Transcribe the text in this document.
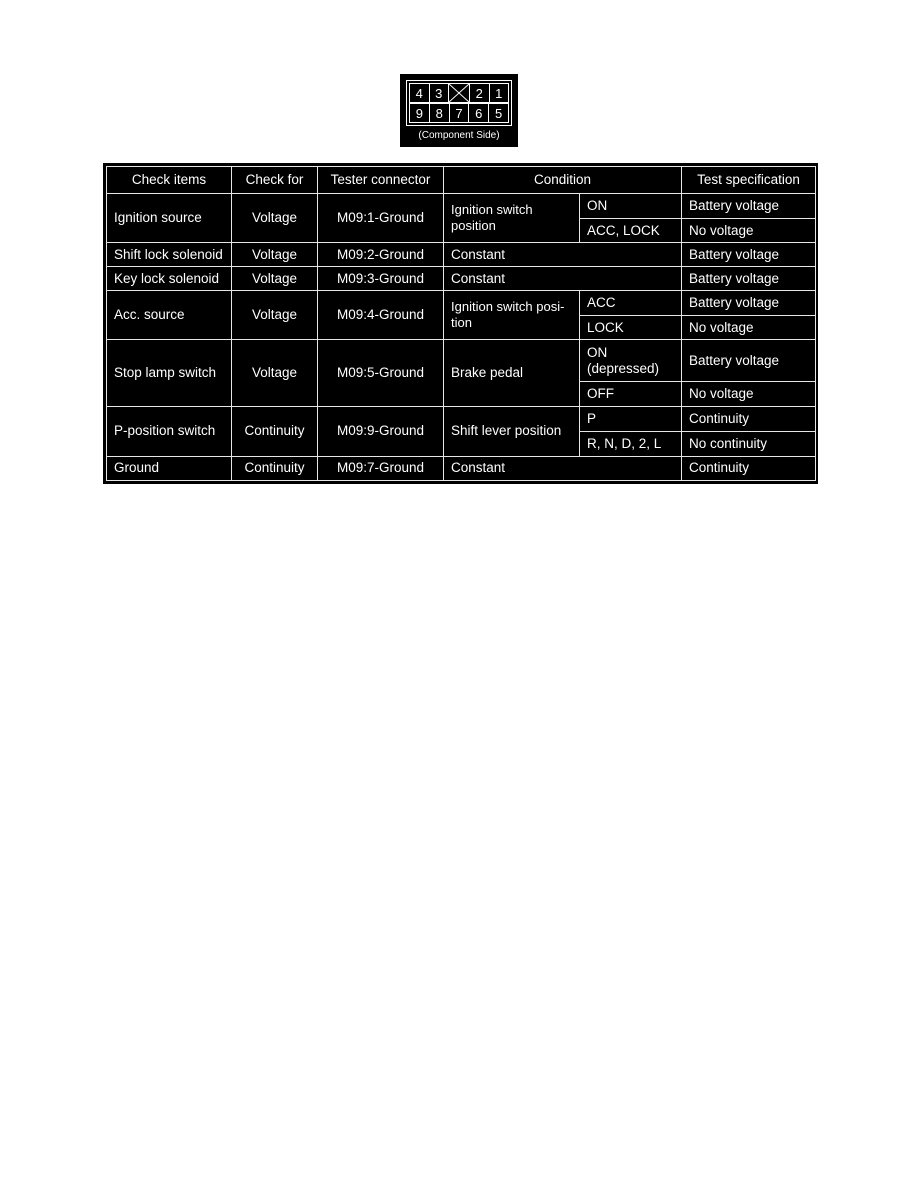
4 3	2 1
9 8 7 6 5
(Component Side)
Check items	Check for	Tester connector	Condition		Test specification
Ignition source	Voltage	M09:1-Ground	Ignition switch position	ON	Battery voltage
				ACC, LOCK	No voltage
Shift lock solenoid	Voltage	M09:2-Ground	Constant		Battery voltage
Key lock solenoid	Voltage	M09:3-Ground	Constant		Battery voltage
Acc. source	Voltage	M09:4-Ground	Ignition switch posi-tion	ACC	Battery voltage
				LOCK	No voltage
Stop lamp switch	Voltage	M09:5-Ground	Brake pedal	ON (depressed)	Battery voltage
				OFF	No voltage
P-position switch	Continuity	M09:9-Ground	Shift lever position	P	Continuity
				R, N, D, 2, L	No continuity
Ground	Continuity	M09:7-Ground	Constant		Continuity
